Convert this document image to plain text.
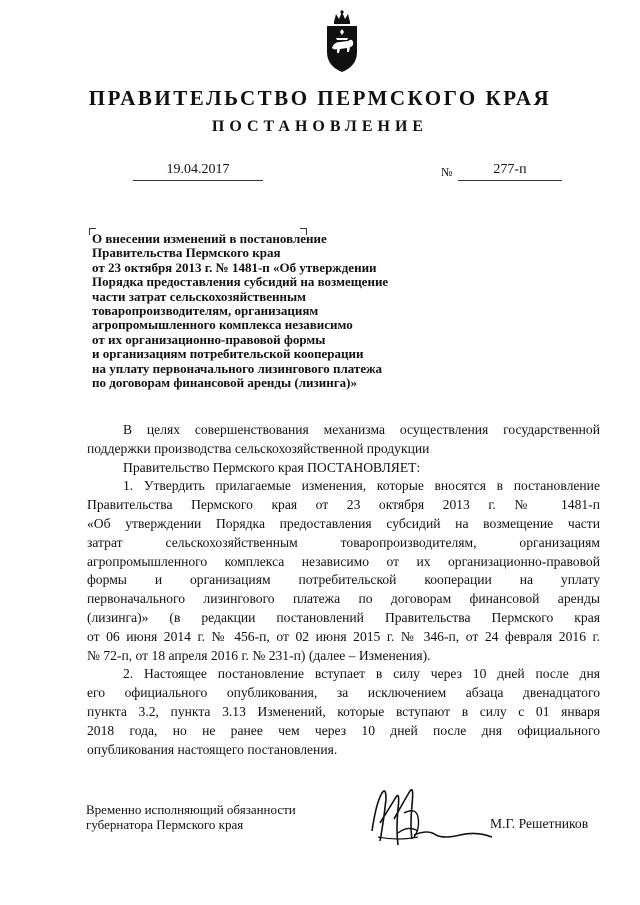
ПРАВИТЕЛЬСТВО ПЕРМСКОГО КРАЯ
ПОСТАНОВЛЕНИЕ
19.04.2017	№	277-п
О внесении изменений в постановление
Правительства Пермского края
от 23 октября 2013 г. № 1481-п «Об утверждении
Порядка предоставления субсидий на возмещение
части затрат сельскохозяйственным
товаропроизводителям, организациям
агропромышленного комплекса независимо
от их организационно-правовой формы
и организациям потребительской кооперации
на уплату первоначального лизингового платежа
по договорам финансовой аренды (лизинга)»
В целях совершенствования механизма осуществления государственной
поддержки производства сельскохозяйственной продукции
Правительство Пермского края ПОСТАНОВЛЯЕТ:
1. Утвердить прилагаемые изменения, которые вносятся в постановление
Правительства Пермского края от 23 октября 2013 г. № 1481-п
«Об утверждении Порядка предоставления субсидий на возмещение части
затрат сельскохозяйственным товаропроизводителям, организациям
агропромышленного комплекса независимо от их организационно-правовой
формы и организациям потребительской кооперации на уплату
первоначального лизингового платежа по договорам финансовой аренды
(лизинга)» (в редакции постановлений Правительства Пермского края
от 06 июня 2014 г. № 456-п, от 02 июня 2015 г. № 346-п, от 24 февраля 2016 г.
№ 72-п, от 18 апреля 2016 г. № 231-п) (далее – Изменения).
2. Настоящее постановление вступает в силу через 10 дней после дня
его официального опубликования, за исключением абзаца двенадцатого
пункта 3.2, пункта 3.13 Изменений, которые вступают в силу с 01 января
2018 года, но не ранее чем через 10 дней после дня официального
опубликования настоящего постановления.
Временно исполняющий обязанности
губернатора Пермского края	М.Г. Решетников
